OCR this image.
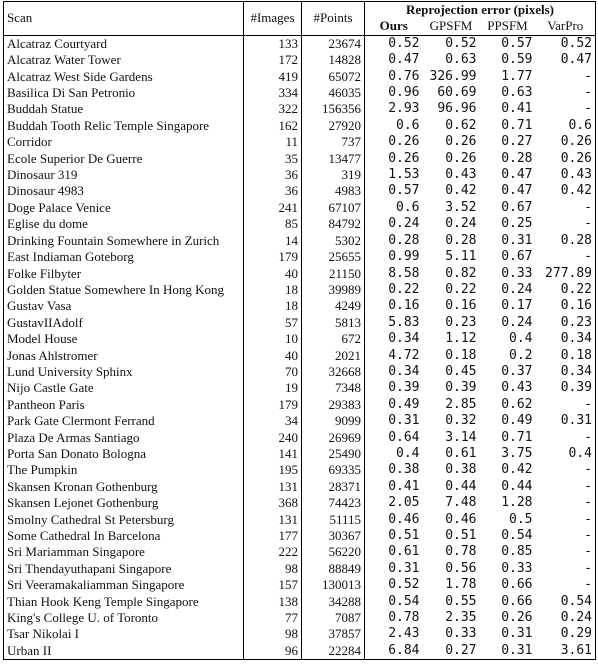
Scan	#Images	#Points	Reprojection error (pixels)			
			Ours	GPSFM	PPSFM	VarPro
Alcatraz Courtyard	133	23674	0.52	0.52	0.57	0.52
Alcatraz Water Tower	172	14828	0.47	0.63	0.59	0.47
Alcatraz West Side Gardens	419	65072	0.76	326.99	1.77	-
Basilica Di San Petronio	334	46035	0.96	60.69	0.63	-
Buddah Statue	322	156356	2.93	96.96	0.41	-
Buddah Tooth Relic Temple Singapore	162	27920	0.6	0.62	0.71	0.6
Corridor	11	737	0.26	0.26	0.27	0.26
Ecole Superior De Guerre	35	13477	0.26	0.26	0.28	0.26
Dinosaur 319	36	319	1.53	0.43	0.47	0.43
Dinosaur 4983	36	4983	0.57	0.42	0.47	0.42
Doge Palace Venice	241	67107	0.6	3.52	0.67	-
Eglise du dome	85	84792	0.24	0.24	0.25	-
Drinking Fountain Somewhere in Zurich	14	5302	0.28	0.28	0.31	0.28
East Indiaman Goteborg	179	25655	0.99	5.11	0.67	-
Folke Filbyter	40	21150	8.58	0.82	0.33	277.89
Golden Statue Somewhere In Hong Kong	18	39989	0.22	0.22	0.24	0.22
Gustav Vasa	18	4249	0.16	0.16	0.17	0.16
GustavIIAdolf	57	5813	5.83	0.23	0.24	0.23
Model House	10	672	0.34	1.12	0.4	0.34
Jonas Ahlstromer	40	2021	4.72	0.18	0.2	0.18
Lund University Sphinx	70	32668	0.34	0.45	0.37	0.34
Nijo Castle Gate	19	7348	0.39	0.39	0.43	0.39
Pantheon Paris	179	29383	0.49	2.85	0.62	-
Park Gate Clermont Ferrand	34	9099	0.31	0.32	0.49	0.31
Plaza De Armas Santiago	240	26969	0.64	3.14	0.71	-
Porta San Donato Bologna	141	25490	0.4	0.61	3.75	0.4
The Pumpkin	195	69335	0.38	0.38	0.42	-
Skansen Kronan Gothenburg	131	28371	0.41	0.44	0.44	-
Skansen Lejonet Gothenburg	368	74423	2.05	7.48	1.28	-
Smolny Cathedral St Petersburg	131	51115	0.46	0.46	0.5	-
Some Cathedral In Barcelona	177	30367	0.51	0.51	0.54	-
Sri Mariamman Singapore	222	56220	0.61	0.78	0.85	-
Sri Thendayuthapani Singapore	98	88849	0.31	0.56	0.33	-
Sri Veeramakaliamman Singapore	157	130013	0.52	1.78	0.66	-
Thian Hook Keng Temple Singapore	138	34288	0.54	0.55	0.66	0.54
King's College U. of Toronto	77	7087	0.78	2.35	0.26	0.24
Tsar Nikolai I	98	37857	2.43	0.33	0.31	0.29
Urban II	96	22284	6.84	0.27	0.31	3.61
